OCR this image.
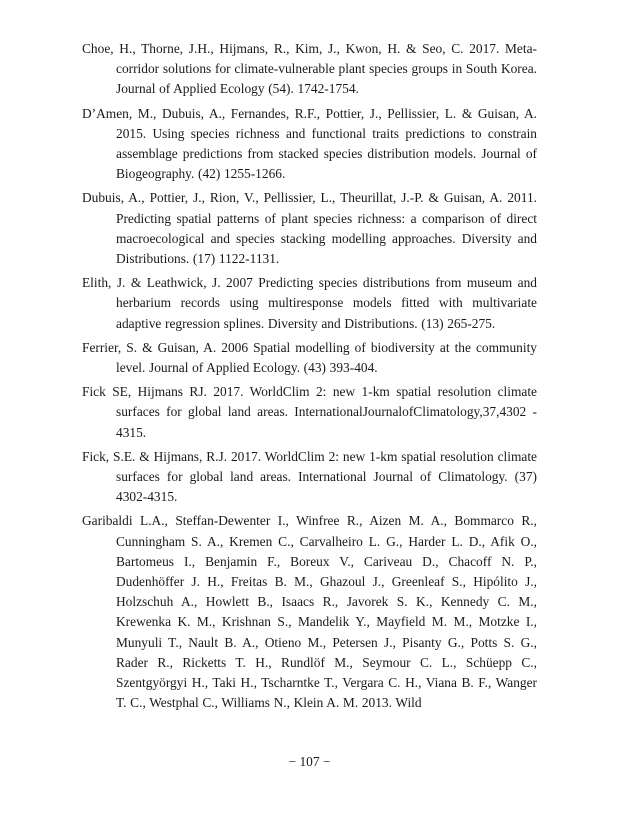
Choe, H., Thorne, J.H., Hijmans, R., Kim, J., Kwon, H. & Seo, C. 2017. Meta-corridor solutions for climate-vulnerable plant species groups in South Korea. Journal of Applied Ecology (54). 1742-1754.

D’Amen, M., Dubuis, A., Fernandes, R.F., Pottier, J., Pellissier, L. & Guisan, A. 2015. Using species richness and functional traits predictions to constrain assemblage predictions from stacked species distribution models. Journal of Biogeography. (42) 1255-1266.

Dubuis, A., Pottier, J., Rion, V., Pellissier, L., Theurillat, J.-P. & Guisan, A. 2011. Predicting spatial patterns of plant species richness: a comparison of direct macroecological and species stacking modelling approaches. Diversity and Distributions. (17) 1122-1131.

Elith, J. & Leathwick, J. 2007 Predicting species distributions from museum and herbarium records using multiresponse models fitted with multivariate adaptive regression splines. Diversity and Distributions. (13) 265-275.

Ferrier, S. & Guisan, A. 2006 Spatial modelling of biodiversity at the community level. Journal of Applied Ecology. (43) 393-404.

Fick SE, Hijmans RJ. 2017. WorldClim 2: new 1-km spatial resolution climate surfaces for global land areas. InternationalJournalofClimatology,37,4302 - 4315.

Fick, S.E. & Hijmans, R.J. 2017. WorldClim 2: new 1-km spatial resolution climate surfaces for global land areas. International Journal of Climatology. (37) 4302-4315.

Garibaldi L.A., Steffan-Dewenter I., Winfree R., Aizen M. A., Bommarco R., Cunningham S. A., Kremen C., Carvalheiro L. G., Harder L. D., Afik O., Bartomeus I., Benjamin F., Boreux V., Cariveau D., Chacoff N. P., Dudenhöffer J. H., Freitas B. M., Ghazoul J., Greenleaf S., Hipólito J., Holzschuh A., Howlett B., Isaacs R., Javorek S. K., Kennedy C. M., Krewenka K. M., Krishnan S., Mandelik Y., Mayfield M. M., Motzke I., Munyuli T., Nault B. A., Otieno M., Petersen J., Pisanty G., Potts S. G., Rader R., Ricketts T. H., Rundlöf M., Seymour C. L., Schüepp C., Szentgyörgyi H., Taki H., Tscharntke T., Vergara C. H., Viana B. F., Wanger T. C., Westphal C., Williams N., Klein A. M. 2013. Wild

− 107 −
